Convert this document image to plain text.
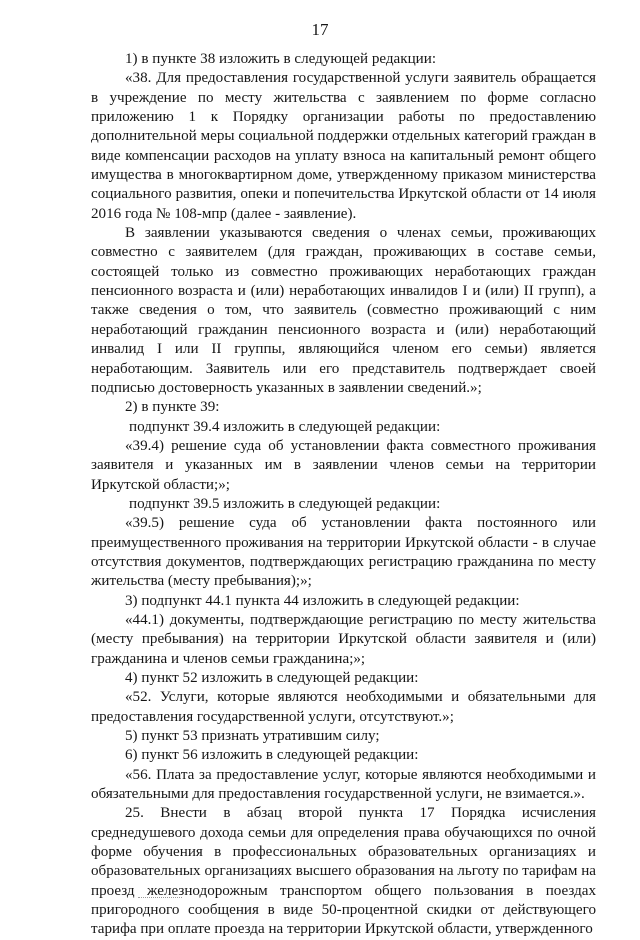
17

1) в пункте 38 изложить в следующей редакции:

«38. Для предоставления государственной услуги заявитель обращается в учреждение по месту жительства с заявлением по форме согласно приложению 1 к Порядку организации работы по предоставлению дополнительной меры социальной поддержки отдельных категорий граждан в виде компенсации расходов на уплату взноса на капитальный ремонт общего имущества в многоквартирном доме, утвержденному приказом министерства социального развития, опеки и попечительства Иркутской области от 14 июля 2016 года № 108-мпр (далее - заявление).

В заявлении указываются сведения о членах семьи, проживающих совместно с заявителем (для граждан, проживающих в составе семьи, состоящей только из совместно проживающих неработающих граждан пенсионного возраста и (или) неработающих инвалидов I и (или) II групп), а также сведения о том, что заявитель (совместно проживающий с ним неработающий гражданин пенсионного возраста и (или) неработающий инвалид I или II группы, являющийся членом его семьи) является неработающим. Заявитель или его представитель подтверждает своей подписью достоверность указанных в заявлении сведений.»;

2) в пункте 39:

подпункт 39.4 изложить в следующей редакции:

«39.4) решение суда об установлении факта совместного проживания заявителя и указанных им в заявлении членов семьи на территории Иркутской области;»;

подпункт 39.5 изложить в следующей редакции:

«39.5) решение суда об установлении факта постоянного или преимущественного проживания на территории Иркутской области - в случае отсутствия документов, подтверждающих регистрацию гражданина по месту жительства (месту пребывания);»;

3) подпункт 44.1 пункта 44 изложить в следующей редакции:

«44.1) документы, подтверждающие регистрацию по месту жительства (месту пребывания) на территории Иркутской области заявителя и (или) гражданина и членов семьи гражданина;»;

4) пункт 52 изложить в следующей редакции:

«52. Услуги, которые являются необходимыми и обязательными для предоставления государственной услуги, отсутствуют.»;

5) пункт 53 признать утратившим силу;

6) пункт 56 изложить в следующей редакции:

«56. Плата за предоставление услуг, которые являются необходимыми и обязательными для предоставления государственной услуги, не взимается.».

25. Внести в абзац второй пункта 17 Порядка исчисления среднедушевого дохода семьи для определения права обучающихся по очной форме обучения в профессиональных образовательных организациях и образовательных организациях высшего образования на льготу по тарифам на проезд железнодорожным транспортом общего пользования в поездах пригородного сообщения в виде 50-процентной скидки от действующего тарифа при оплате проезда на территории Иркутской области, утвержденного
